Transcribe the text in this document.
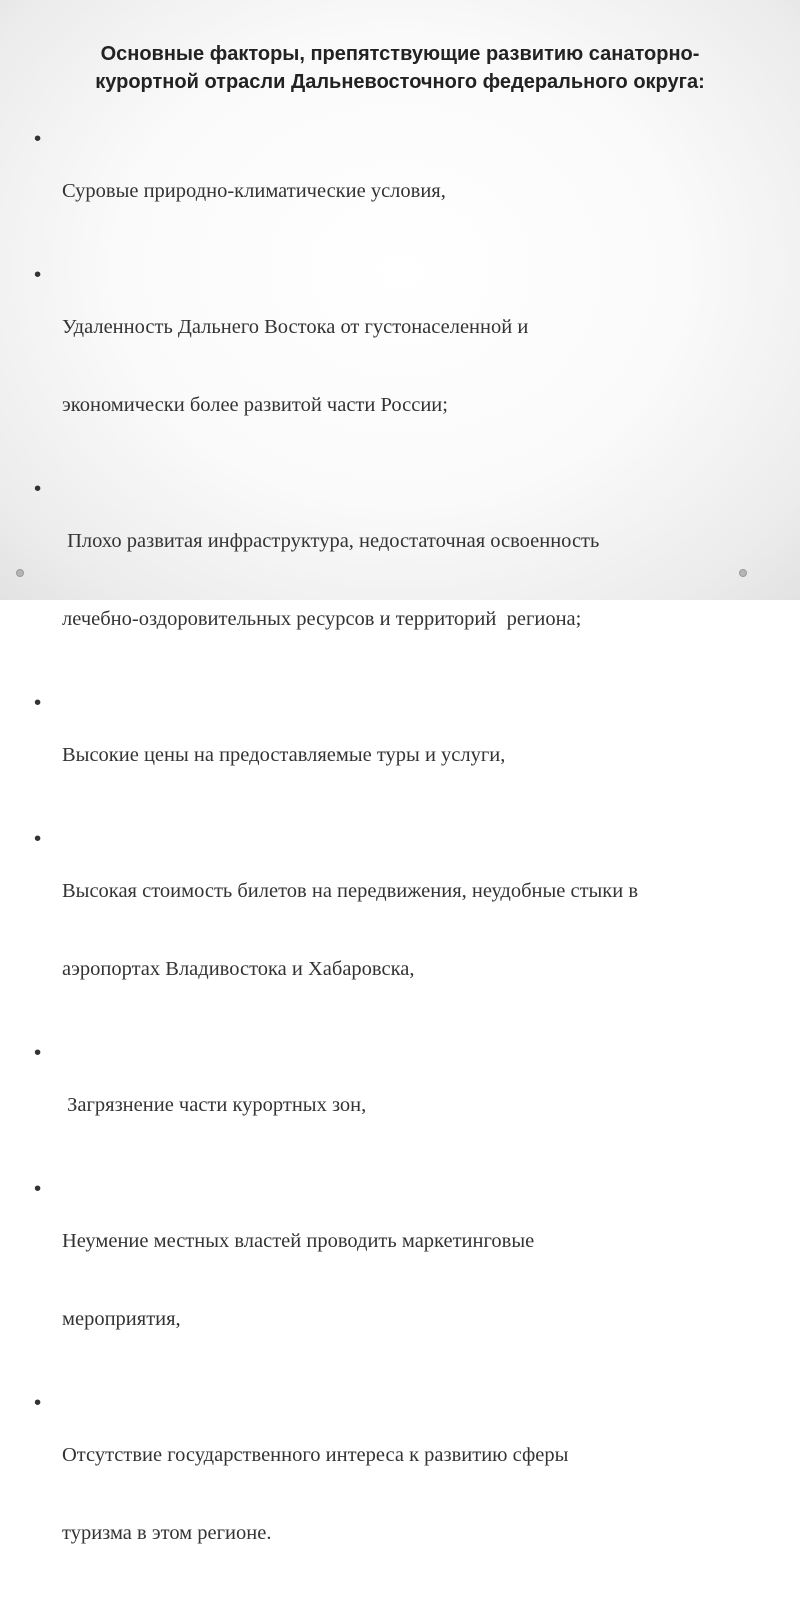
Основные факторы, препятствующие развитию санаторно-
курортной отрасли Дальневосточного федерального округа:
•

Суровые природно-климатические условия,

•

Удаленность Дальнего Востока от густонаселенной и

экономически более развитой части России;

•

Плохо развитая инфраструктура, недостаточная освоенность

лечебно-оздоровительных ресурсов и территорий  региона;

•

Высокие цены на предоставляемые туры и услуги,

•

Высокая стоимость билетов на передвижения, неудобные стыки в

аэропортах Владивостока и Хабаровска,

•

Загрязнение части курортных зон,

•

Неумение местных властей проводить маркетинговые

мероприятия,

•

Отсутствие государственного интереса к развитию сферы

туризма в этом регионе.
